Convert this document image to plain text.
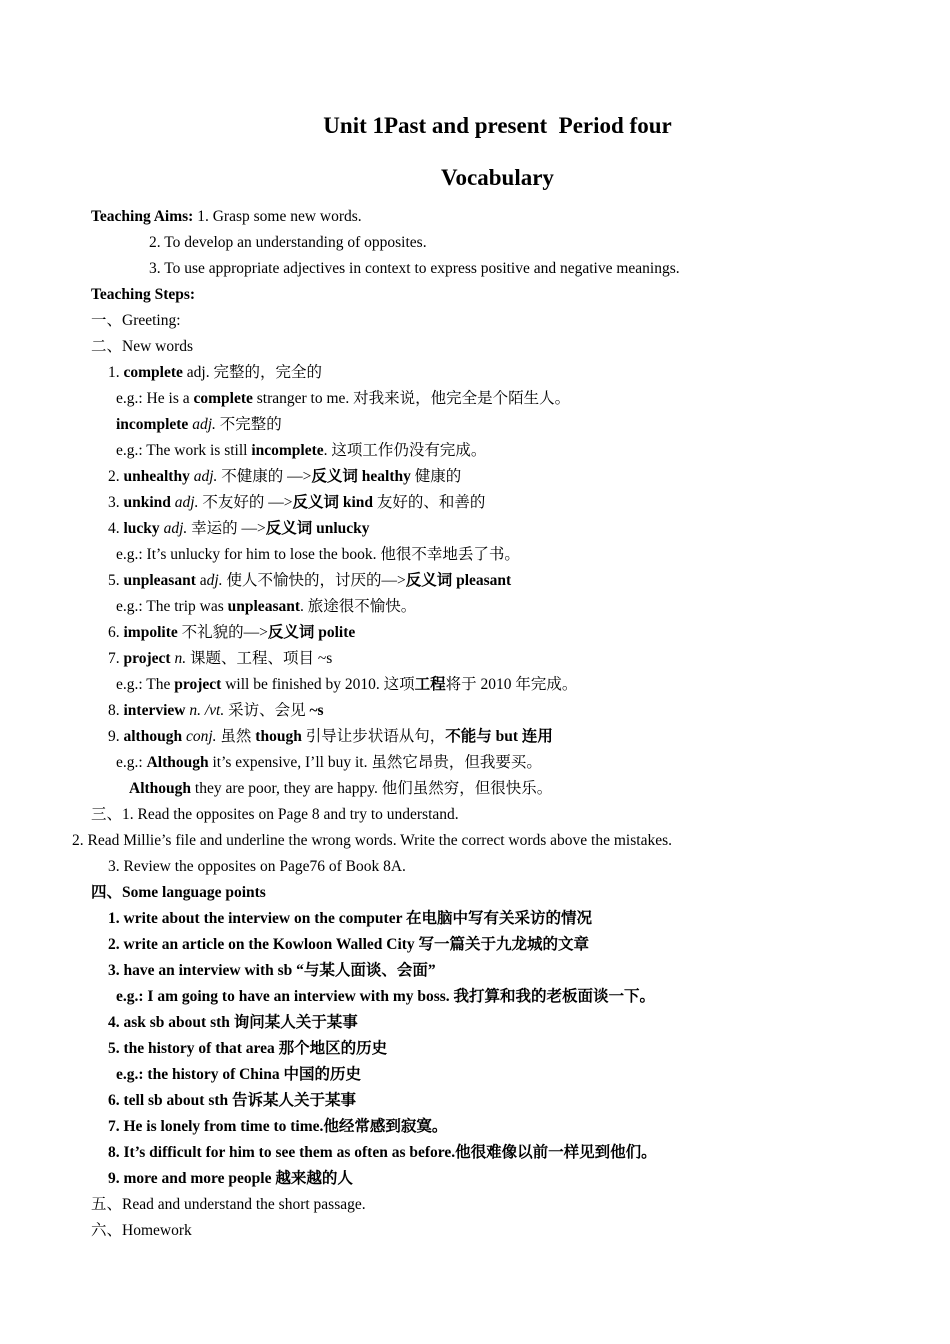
Unit 1Past and present  Period four
Vocabulary
Teaching Aims: 1. Grasp some new words.
2. To develop an understanding of opposites.
3. To use appropriate adjectives in context to express positive and negative meanings.
Teaching Steps:
一、Greeting:
二、New words
1. complete adj. 完整的，完全的
e.g.: He is a complete stranger to me. 对我来说，他完全是个陌生人。
incomplete adj. 不完整的
e.g.: The work is still incomplete. 这项工作仍没有完成。
2. unhealthy adj. 不健康的 —>反义词 healthy 健康的
3. unkind adj. 不友好的 —>反义词 kind 友好的、和善的
4. lucky adj. 幸运的 —>反义词 unlucky
e.g.: It’s unlucky for him to lose the book. 他很不幸地丢了书。
5. unpleasant adj. 使人不愉快的，讨厌的—>反义词 pleasant
e.g.: The trip was unpleasant. 旅途很不愉快。
6. impolite 不礼貌的—>反义词 polite
7. project n. 课题、工程、项目 ~s
e.g.: The project will be finished by 2010. 这项工程将于 2010 年完成。
8. interview n. /vt. 采访、会见 ~s
9. although conj. 虽然 though 引导让步状语从句，不能与 but 连用
e.g.: Although it’s expensive, I’ll buy it. 虽然它昂贵，但我要买。
Although they are poor, they are happy. 他们虽然穷，但很快乐。
三、1. Read the opposites on Page 8 and try to understand.
2. Read Millie’s file and underline the wrong words. Write the correct words above the mistakes.
3. Review the opposites on Page76 of Book 8A.
四、Some language points
1. write about the interview on the computer 在电脑中写有关采访的情况
2. write an article on the Kowloon Walled City 写一篇关于九龙城的文章
3. have an interview with sb “与某人面谈、会面”
e.g.: I am going to have an interview with my boss. 我打算和我的老板面谈一下。
4. ask sb about sth 询问某人关于某事
5. the history of that area 那个地区的历史
e.g.: the history of China 中国的历史
6. tell sb about sth 告诉某人关于某事
7. He is lonely from time to time.他经常感到寂寞。
8. It’s difficult for him to see them as often as before.他很难像以前一样见到他们。
9. more and more people 越来越的人
五、Read and understand the short passage.
六、Homework
